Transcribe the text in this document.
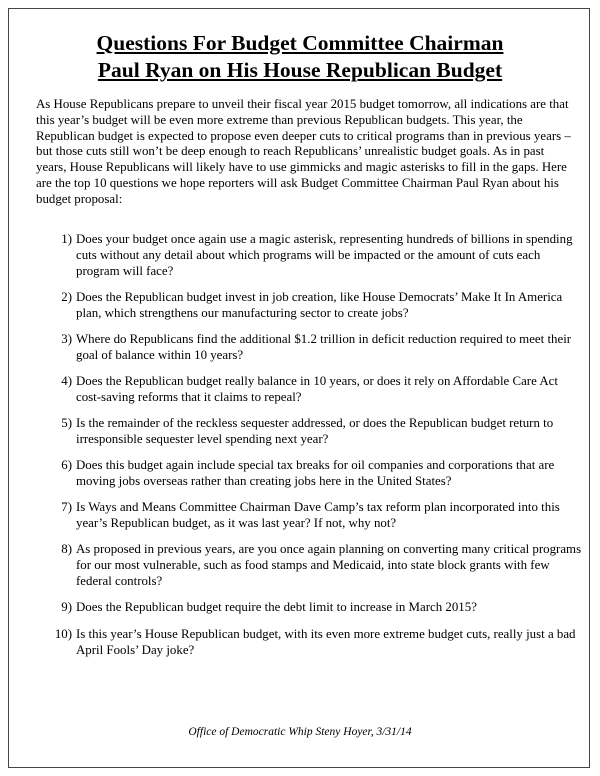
Questions For Budget Committee Chairman
Paul Ryan on His House Republican Budget
As House Republicans prepare to unveil their fiscal year 2015 budget tomorrow, all indications are that this year’s budget will be even more extreme than previous Republican budgets. This year, the Republican budget is expected to propose even deeper cuts to critical programs than in previous years – but those cuts still won’t be deep enough to reach Republicans’ unrealistic budget goals. As in past years, House Republicans will likely have to use gimmicks and magic asterisks to fill in the gaps. Here are the top 10 questions we hope reporters will ask Budget Committee Chairman Paul Ryan about his budget proposal:
1) Does your budget once again use a magic asterisk, representing hundreds of billions in spending cuts without any detail about which programs will be impacted or the amount of cuts each program will face?
2) Does the Republican budget invest in job creation, like House Democrats’ Make It In America plan, which strengthens our manufacturing sector to create jobs?
3) Where do Republicans find the additional $1.2 trillion in deficit reduction required to meet their goal of balance within 10 years?
4) Does the Republican budget really balance in 10 years, or does it rely on Affordable Care Act cost-saving reforms that it claims to repeal?
5) Is the remainder of the reckless sequester addressed, or does the Republican budget return to irresponsible sequester level spending next year?
6) Does this budget again include special tax breaks for oil companies and corporations that are moving jobs overseas rather than creating jobs here in the United States?
7) Is Ways and Means Committee Chairman Dave Camp’s tax reform plan incorporated into this year’s Republican budget, as it was last year? If not, why not?
8) As proposed in previous years, are you once again planning on converting many critical programs for our most vulnerable, such as food stamps and Medicaid, into state block grants with few federal controls?
9) Does the Republican budget require the debt limit to increase in March 2015?
10) Is this year’s House Republican budget, with its even more extreme budget cuts, really just a bad April Fools’ Day joke?
Office of Democratic Whip Steny Hoyer, 3/31/14
